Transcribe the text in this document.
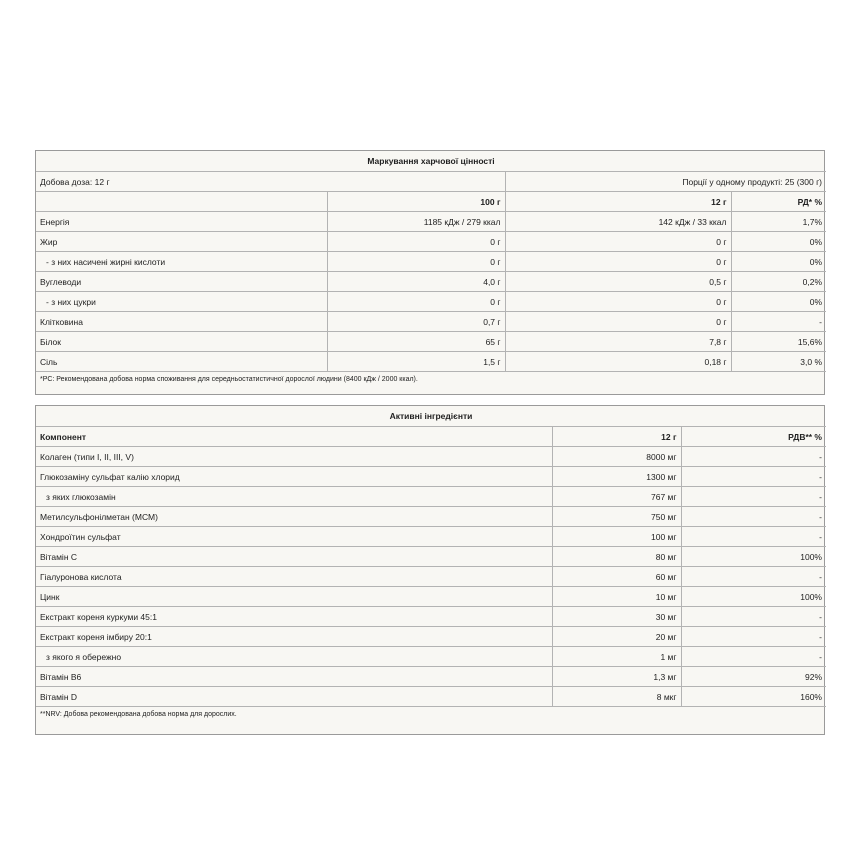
Маркування харчової цінності			
Добова доза: 12 г		Порції у одному продукті: 25 (300 г)	
	100 г	12 г	РД* %
Енергія	1185 кДж / 279 ккал	142 кДж / 33 ккал	1,7%
Жир	0 г	0 г	0%
- з них насичені жирні кислоти	0 г	0 г	0%
Вуглеводи	4,0 г	0,5 г	0,2%
- з них цукри	0 г	0 г	0%
Клітковина	0,7 г	0 г	-
Білок	65 г	7,8 г	15,6%
Сіль	1,5 г	0,18 г	3,0 %
*РС: Рекомендована добова норма споживання для середньостатистичної дорослої людини (8400 кДж / 2000 ккал).			
Активні інгредієнти		
Компонент	12 г	РДВ** %
Колаген (типи I, II, III, V)	8000 мг	-
Глюкозаміну сульфат калію хлорид	1300 мг	-
з яких глюкозамін	767 мг	-
Метилсульфонілметан (МСМ)	750 мг	-
Хондроїтин сульфат	100 мг	-
Вітамін С	80 мг	100%
Гіалуронова кислота	60 мг	-
Цинк	10 мг	100%
Екстракт кореня куркуми 45:1	30 мг	-
Екстракт кореня імбиру 20:1	20 мг	-
з якого я обережно	1 мг	-
Вітамін В6	1,3 мг	92%
Вітамін D	8 мкг	160%
**NRV: Добова рекомендована добова норма для дорослих.		
